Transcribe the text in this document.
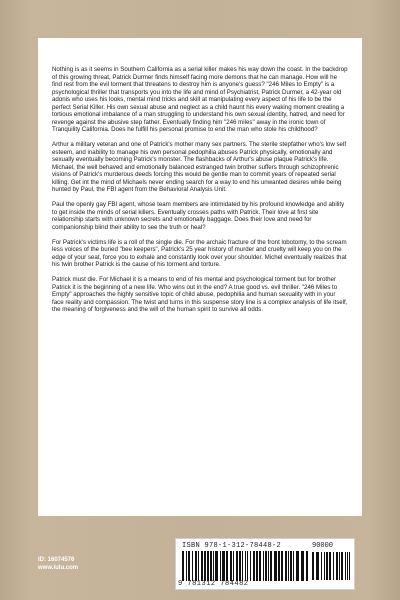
Nothing is as it seems in Southern California as a serial killer makes his way down the coast. In the backdrop of this growing threat, Patrick Durmer finds himself facing more demons that he can manage. How will he find rest from the evil torment that threatens to destroy him is anyone's guess? "246 Miles to Empty" is a psychological thriller that transports you into the life and mind of Psychiatrist, Patrick Durmer, a 42-year old adonis who uses his looks, mental mind tricks and skill at manipulating every aspect of his life to be the perfect Serial Killer. His own sexual abuse and neglect as a child haunt his every waking moment creating a tortious emotional imbalance of a man struggling to understand his own sexual identity, hatred, and need for revenge against the abusive step father. Eventually finding him "246 miles" away in the ironic town of Tranquility California. Does he fulfill his personal promise to end the man who stole his childhood?

Arthur a military veteran and one of Patrick's mother many sex partners. The sterile stepfather who's low self esteem, and inability to manage his own personal pedophilia abuses Patrick physically, emotionally and sexually eventually becoming Patrick's monster. The flashbacks of Arthur's abuse plaque Patrick's life. Michael, the well behaved and emotionally balanced estranged twin brother suffers through schizophrenic visions of Patrick's murderous deeds forcing this would be gentle man to commit years of repeated serial killing. Get int the mind of Michaels never ending search for a way to end his unwanted desires while being hunted by Paul, the FBI agent from the Behavioral Analysis Unit.

Paul the openly gay FBI agent, whose team members are intimidated by his profound knowledge and ability to get inside the minds of serial killers. Eventually crosses paths with Patrick. Their love at first site relationship starts with unknown secrets and emotionally baggage. Does their love and need for companionship blind their ability to see the truth or heal?

For Patrick's victims life is a roll of the single die. For the archaic fracture of the front lobotomy, to the scream less voices of the buried "bee keepers", Patrick's 25 year history of murder and cruelty will keep you on the edge of your seat, force you to exhale and constantly look over your shoulder. Michel eventually realizes that his twin brother Patrick is the cause of his torment and torture.

Patrick must die. For Michael it is a means to end of his mental and psychological torment but for brother Patrick it is the beginning of a new life. Who wins out in the end? A true good vs. evil thriller. "246 Miles to Empty" approaches the highly sensitive topic of child abuse, pedophilia and human sexuality with in your face reality and compassion. The twist and turns in this suspense story line is a complex analysis of life itself, the meaning of forgiveness and the will of the human spirit to survive all odds.

ID: 16074576
www.lulu.com
ISBN 978-1-312-78448-2	90000
9 781312 784482
